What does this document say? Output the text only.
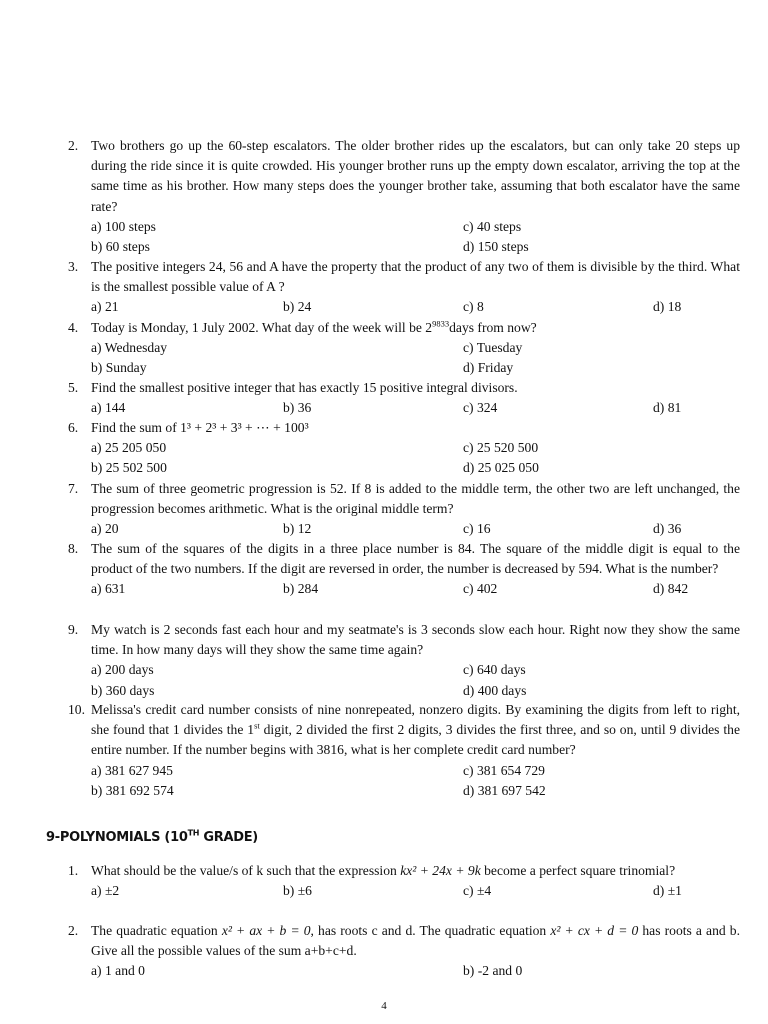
2. Two brothers go up the 60-step escalators. The older brother rides up the escalators, but can only take 20 steps up during the ride since it is quite crowded. His younger brother runs up the empty down escalator, arriving the top at the same time as his brother. How many steps does the younger brother take, assuming that both escalator have the same rate?
a) 100 steps	c) 40 steps
b) 60 steps	d) 150 steps
3. The positive integers 24, 56 and A have the property that the product of any two of them is divisible by the third. What is the smallest possible value of A ?
a) 21	b) 24	c) 8	d) 18
4. Today is Monday, 1 July 2002. What day of the week will be $2^{9833}days$ from now?
a) Wednesday	c) Tuesday
b) Sunday	d) Friday
5. Find the smallest positive integer that has exactly 15 positive integral divisors.
a) 144	b) 36	c) 324	d) 81
6. Find the sum of 1³ + 2³ + 3³ + ⋯ + 100³
a) 25 205 050	c) 25 520 500
b) 25 502 500	d) 25 025 050
7. The sum of three geometric progression is 52. If 8 is added to the middle term, the other two are left unchanged, the progression becomes arithmetic. What is the original middle term?
a) 20	b) 12	c) 16	d) 36
8. The sum of the squares of the digits in a three place number is 84. The square of the middle digit is equal to the product of the two numbers. If the digit are reversed in order, the number is decreased by 594. What is the number?
a) 631	b) 284	c) 402	d) 842
9. My watch is 2 seconds fast each hour and my seatmate's is 3 seconds slow each hour. Right now they show the same time. In how many days will they show the same time again?
a) 200 days	c) 640 days
b) 360 days	d) 400 days
10. Melissa's credit card number consists of nine nonrepeated, nonzero digits. By examining the digits from left to right, she found that 1 divides the 1st digit, 2 divided the first 2 digits, 3 divides the first three, and so on, until 9 divides the entire number. If the number begins with 3816, what is her complete credit card number?
a) 381 627 945	c) 381 654 729
b) 381 692 574	d) 381 697 542
9-POLYNOMIALS (10TH GRADE)
1. What should be the value/s of k such that the expression kx² + 24x + 9k become a perfect square trinomial?
a) ±2	b) ±6	c) ±4	d) ±1
2. The quadratic equation x² + ax + b = 0, has roots c and d. The quadratic equation x² + cx + d = 0 has roots a and b. Give all the possible values of the sum a+b+c+d.
a) 1 and 0	b) -2 and 0
4
